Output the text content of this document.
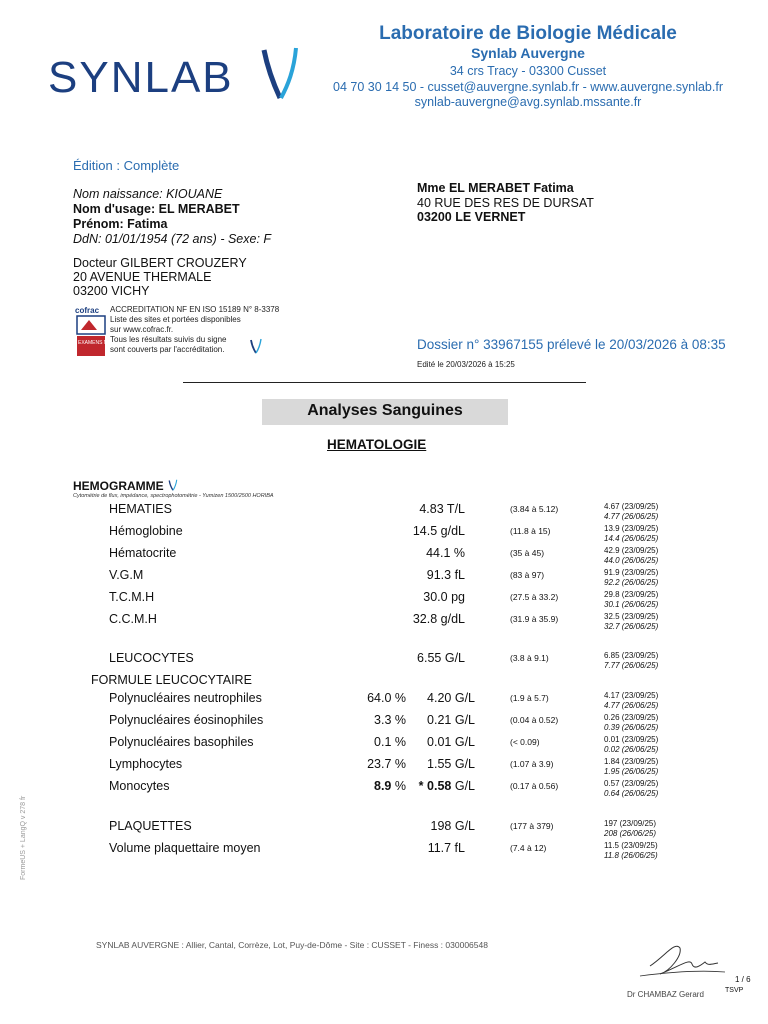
SYNLAB
Laboratoire de Biologie Médicale
Synlab Auvergne
34 crs Tracy - 03300 Cusset
04 70 30 14 50 - cusset@auvergne.synlab.fr - www.auvergne.synlab.fr
synlab-auvergne@avg.synlab.mssante.fr
Édition : Complète
Nom naissance: KIOUANE
Nom d'usage: EL MERABET
Prénom: Fatima
DdN: 01/01/1954 (72 ans) - Sexe: F
Mme EL MERABET Fatima
40 RUE DES RES DE DURSAT
03200 LE VERNET
Docteur GILBERT CROUZERY
20 AVENUE THERMALE
03200 VICHY
cofrac
EXAMENS MÉDICAUX
ACCREDITATION NF EN ISO 15189 N° 8-3378
Liste des sites et portées disponibles
sur www.cofrac.fr.
Tous les résultats suivis du signe
sont couverts par l'accréditation.	Dossier n° 33967155 prélevé le 20/03/2026 à 08:35
Edité le 20/03/2026 à 15:25
Analyses Sanguines
HEMATOLOGIE
HEMOGRAMME
Cytométrie de flux, impédance, spectrophotométrie - Yumizen 1500/2500 HORIBA
HEMATIES	4.83 T/L	(3.84 à 5.12)	4.67 (23/09/25)
4.77 (26/06/25)
Hémoglobine	14.5 g/dL	(11.8 à 15)	13.9 (23/09/25)
14.4 (26/06/25)
Hématocrite	44.1 %	(35 à 45)	42.9 (23/09/25)
44.0 (26/06/25)
V.G.M	91.3 fL	(83 à 97)	91.9 (23/09/25)
92.2 (26/06/25)
T.C.M.H	30.0 pg	(27.5 à 33.2)	29.8 (23/09/25)
30.1 (26/06/25)
C.C.M.H	32.8 g/dL	(31.9 à 35.9)	32.5 (23/09/25)
32.7 (26/06/25)
LEUCOCYTES	6.55 G/L	(3.8 à 9.1)	6.85 (23/09/25)
7.77 (26/06/25)
FORMULE LEUCOCYTAIRE
Polynucléaires neutrophiles	64.0 %	4.20 G/L	(1.9 à 5.7)	4.17 (23/09/25)
4.77 (26/06/25)
Polynucléaires éosinophiles	3.3 %	0.21 G/L	(0.04 à 0.52)	0.26 (23/09/25)
0.39 (26/06/25)
Polynucléaires basophiles	0.1 %	0.01 G/L	(< 0.09)	0.01 (23/09/25)
0.02 (26/06/25)
Lymphocytes	23.7 %	1.55 G/L	(1.07 à 3.9)	1.84 (23/09/25)
1.95 (26/06/25)
Monocytes	8.9 %	* 0.58 G/L	(0.17 à 0.56)	0.57 (23/09/25)
0.64 (26/06/25)
PLAQUETTES	198 G/L	(177 à 379)	197 (23/09/25)
208 (26/06/25)
Volume plaquettaire moyen	11.7 fL	(7.4 à 12)	11.5 (23/09/25)
11.8 (26/06/25)
FormeUS + LangQ v 278 fr
SYNLAB AUVERGNE : Allier, Cantal, Corrèze, Lot, Puy-de-Dôme - Site : CUSSET - Finess : 030006548
Dr CHAMBAZ Gerard
1 / 6
TSVP
